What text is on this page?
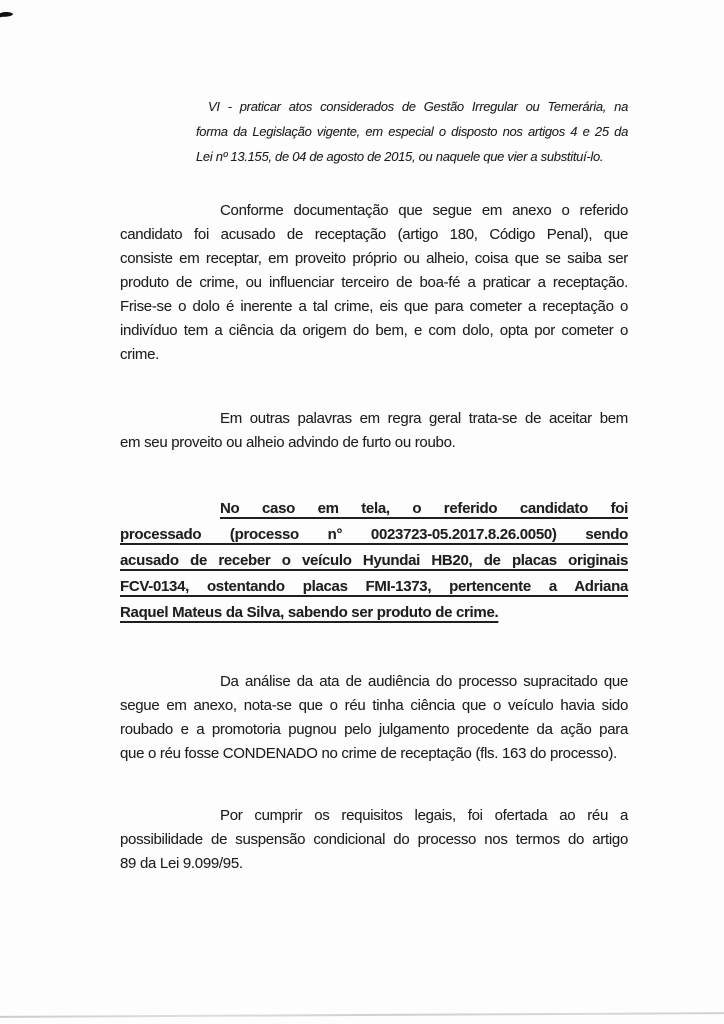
VI - praticar atos considerados de Gestão Irregular ou Temerária, na
forma da Legislação vigente, em especial o disposto nos artigos 4 e 25 da
Lei nº 13.155, de 04 de agosto de 2015, ou naquele que vier a substituí-lo.

Conforme documentação que segue em anexo o referido
candidato foi acusado de receptação (artigo 180, Código Penal), que
consiste em receptar, em proveito próprio ou alheio, coisa que se saiba ser
produto de crime, ou influenciar terceiro de boa-fé a praticar a receptação.
Frise-se o dolo é inerente a tal crime, eis que para cometer a receptação o
indivíduo tem a ciência da origem do bem, e com dolo, opta por cometer o
crime.

Em outras palavras em regra geral trata-se de aceitar bem
em seu proveito ou alheio advindo de furto ou roubo.

No caso em tela, o referido candidato foi
processado (processo n° 0023723-05.2017.8.26.0050) sendo
acusado de receber o veículo Hyundai HB20, de placas originais
FCV-0134, ostentando placas FMI-1373, pertencente a Adriana
Raquel Mateus da Silva, sabendo ser produto de crime.

Da análise da ata de audiência do processo supracitado que
segue em anexo, nota-se que o réu tinha ciência que o veículo havia sido
roubado e a promotoria pugnou pelo julgamento procedente da ação para
que o réu fosse CONDENADO no crime de receptação (fls. 163 do processo).

Por cumprir os requisitos legais, foi ofertada ao réu a
possibilidade de suspensão condicional do processo nos termos do artigo
89 da Lei 9.099/95.
